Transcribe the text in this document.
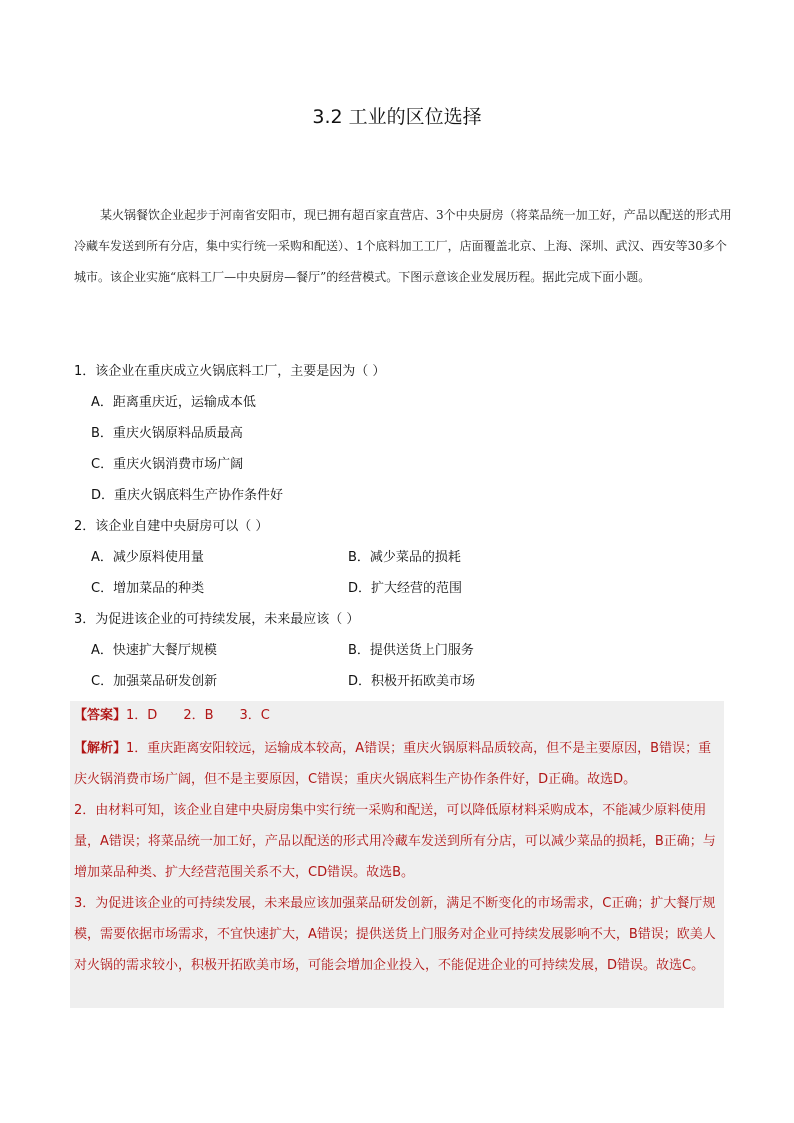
3.2 工业的区位选择
某火锅餐饮企业起步于河南省安阳市，现已拥有超百家直营店、3个中央厨房（将菜品统一加工好，产品以配送的形式用冷藏车发送到所有分店，集中实行统一采购和配送）、1个底料加工工厂，店面覆盖北京、上海、深圳、武汉、西安等30多个城市。该企业实施“底料工厂—中央厨房—餐厅”的经营模式。下图示意该企业发展历程。据此完成下面小题。
1．该企业在重庆成立火锅底料工厂，主要是因为（ ）
A．距离重庆近，运输成本低
B．重庆火锅原料品质最高
C．重庆火锅消费市场广阔
D．重庆火锅底料生产协作条件好
2．该企业自建中央厨房可以（ ）
A．减少原料使用量	B．减少菜品的损耗
C．增加菜品的种类	D．扩大经营的范围
3．为促进该企业的可持续发展，未来最应该（ ）
A．快速扩大餐厅规模	B．提供送货上门服务
C．加强菜品研发创新	D．积极开拓欧美市场
【答案】1．D 2．B 3．C

【解析】1．重庆距离安阳较远，运输成本较高，A错误；重庆火锅原料品质较高，但不是主要原因，B错误；重庆火锅消费市场广阔，但不是主要原因，C错误；重庆火锅底料生产协作条件好，D正确。故选D。

2．由材料可知，该企业自建中央厨房集中实行统一采购和配送，可以降低原材料采购成本，不能减少原料使用量，A错误；将菜品统一加工好，产品以配送的形式用冷藏车发送到所有分店，可以减少菜品的损耗，B正确；与增加菜品种类、扩大经营范围关系不大，CD错误。故选B。

3．为促进该企业的可持续发展，未来最应该加强菜品研发创新，满足不断变化的市场需求，C正确；扩大餐厅规模，需要依据市场需求，不宜快速扩大，A错误；提供送货上门服务对企业可持续发展影响不大，B错误；欧美人对火锅的需求较小，积极开拓欧美市场，可能会增加企业投入，不能促进企业的可持续发展，D错误。故选C。
